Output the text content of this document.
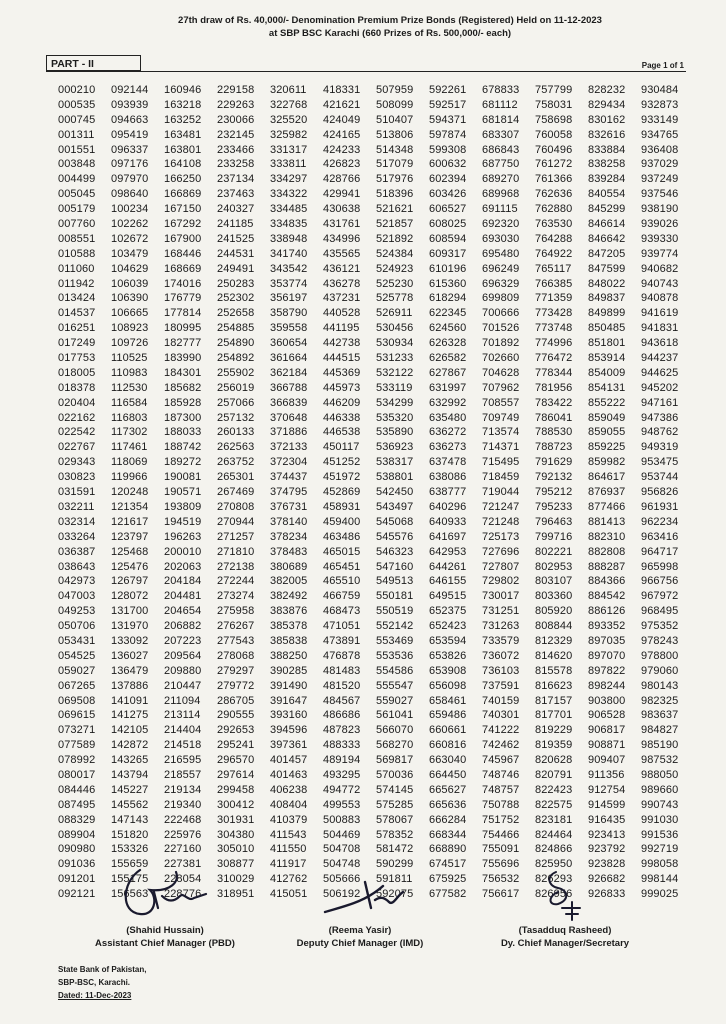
27th draw of Rs. 40,000/- Denomination Premium Prize Bonds (Registered) Held on 11-12-2023
at SBP BSC Karachi (660 Prizes of Rs. 500,000/- each)
PART - II	Page 1 of 1
000210	092144	160946	229158	320611	418331	507959	592261	678833	757799	828232	930484
000535	093939	163218	229263	322768	421621	508099	592517	681112	758031	829434	932873
000745	094663	163252	230066	325520	424049	510407	594371	681814	758698	830162	933149
001311	095419	163481	232145	325982	424165	513806	597874	683307	760058	832616	934765
001551	096337	163801	233466	331317	424233	514348	599308	686843	760496	833884	936408
003848	097176	164108	233258	333811	426823	517079	600632	687750	761272	838258	937029
004499	097970	166250	237134	334297	428766	517976	602394	689270	761366	839284	937249
005045	098640	166869	237463	334322	429941	518396	603426	689968	762636	840554	937546
005179	100234	167150	240327	334485	430638	521621	606527	691115	762880	845299	938190
007760	102262	167292	241185	334835	431761	521857	608025	692320	763530	846614	939026
008551	102672	167900	241525	338948	434996	521892	608594	693030	764288	846642	939330
010588	103479	168446	244531	341740	435565	524384	609317	695480	764922	847205	939774
011060	104629	168669	249491	343542	436121	524923	610196	696249	765117	847599	940682
011942	106039	174016	250283	353774	436278	525230	615360	696329	766385	848022	940743
013424	106390	176779	252302	356197	437231	525778	618294	699809	771359	849837	940878
014537	106665	177814	252658	358790	440528	526911	622345	700666	773428	849899	941619
016251	108923	180995	254885	359558	441195	530456	624560	701526	773748	850485	941831
017249	109726	182777	254890	360654	442738	530934	626328	701892	774996	851801	943618
017753	110525	183990	254892	361664	444515	531233	626582	702660	776472	853914	944237
018005	110983	184301	255902	362184	445369	532122	627867	704628	778344	854009	944625
018378	112530	185682	256019	366788	445973	533119	631997	707962	781956	854131	945202
020404	116584	185928	257066	366839	446209	534299	632992	708557	783422	855222	947161
022162	116803	187300	257132	370648	446338	535320	635480	709749	786041	859049	947386
022542	117302	188033	260133	371886	446538	535890	636272	713574	788530	859055	948762
022767	117461	188742	262563	372133	450117	536923	636273	714371	788723	859225	949319
029343	118069	189272	263752	372304	451252	538317	637478	715495	791629	859982	953475
030823	119966	190081	265301	374437	451972	538801	638086	718459	792132	864617	953744
031591	120248	190571	267469	374795	452869	542450	638777	719044	795212	876937	956826
032211	121354	193809	270808	376731	458931	543497	640296	721247	795233	877466	961931
032314	121617	194519	270944	378140	459400	545068	640933	721248	796463	881413	962234
033264	123797	196263	271257	378234	463486	545576	641697	725173	799716	882310	963416
036387	125468	200010	271810	378483	465015	546323	642953	727696	802221	882808	964717
038643	125476	202063	272138	380689	465451	547160	644261	727807	802953	888287	965998
042973	126797	204184	272244	382005	465510	549513	646155	729802	803107	884366	966756
047003	128072	204481	273274	382492	466759	550181	649515	730017	803360	884542	967972
049253	131700	204654	275958	383876	468473	550519	652375	731251	805920	886126	968495
050706	131970	206882	276267	385378	471051	552142	652423	731263	808844	893352	975352
053431	133092	207223	277543	385838	473891	553469	653594	733579	812329	897035	978243
054525	136027	209564	278068	388250	476878	553536	653826	736072	814620	897070	978800
059027	136479	209880	279297	390285	481483	554586	653908	736103	815578	897822	979060
067265	137886	210447	279772	391490	481520	555547	656098	737591	816623	898244	980143
069508	141091	211094	286705	391647	484567	559027	658461	740159	817157	903800	982325
069615	141275	213114	290555	393160	486686	561041	659486	740301	817701	906528	983637
073271	142105	214404	292653	394596	487823	566070	660661	741222	819229	906817	984827
077589	142872	214518	295241	397361	488333	568270	660816	742462	819359	908871	985190
078992	143265	216595	296570	401457	489194	569817	663040	745967	820628	909407	987532
080017	143794	218557	297614	401463	493295	570036	664450	748746	820791	911356	988050
084446	145227	219134	299458	406238	494772	574145	665627	748757	822423	912754	989660
087495	145562	219340	300412	408404	499553	575285	665636	750788	822575	914599	990743
088329	147143	222468	301931	410379	500883	578067	666284	751752	823181	916435	991030
089904	151820	225976	304380	411543	504469	578352	668344	754466	824464	923413	991536
090980	153326	227160	305010	411550	504708	581472	668890	755091	824866	923792	992719
091036	155659	227381	308877	411917	504748	590299	674517	755696	825950	923828	998058
091201	155175	228054	310029	412762	505666	591811	675925	756532	826293	926682	998144
092121	156563	228776	318951	415051	506192	592075	677582	756617	826956	926833	999025
(Shahid Hussain)
Assistant Chief Manager (PBD)
(Reema Yasir)
Deputy Chief Manager (IMD)
(Tasadduq Rasheed)
Dy. Chief Manager/Secretary
State Bank of Pakistan,
SBP-BSC, Karachi.
Dated: 11-Dec-2023
